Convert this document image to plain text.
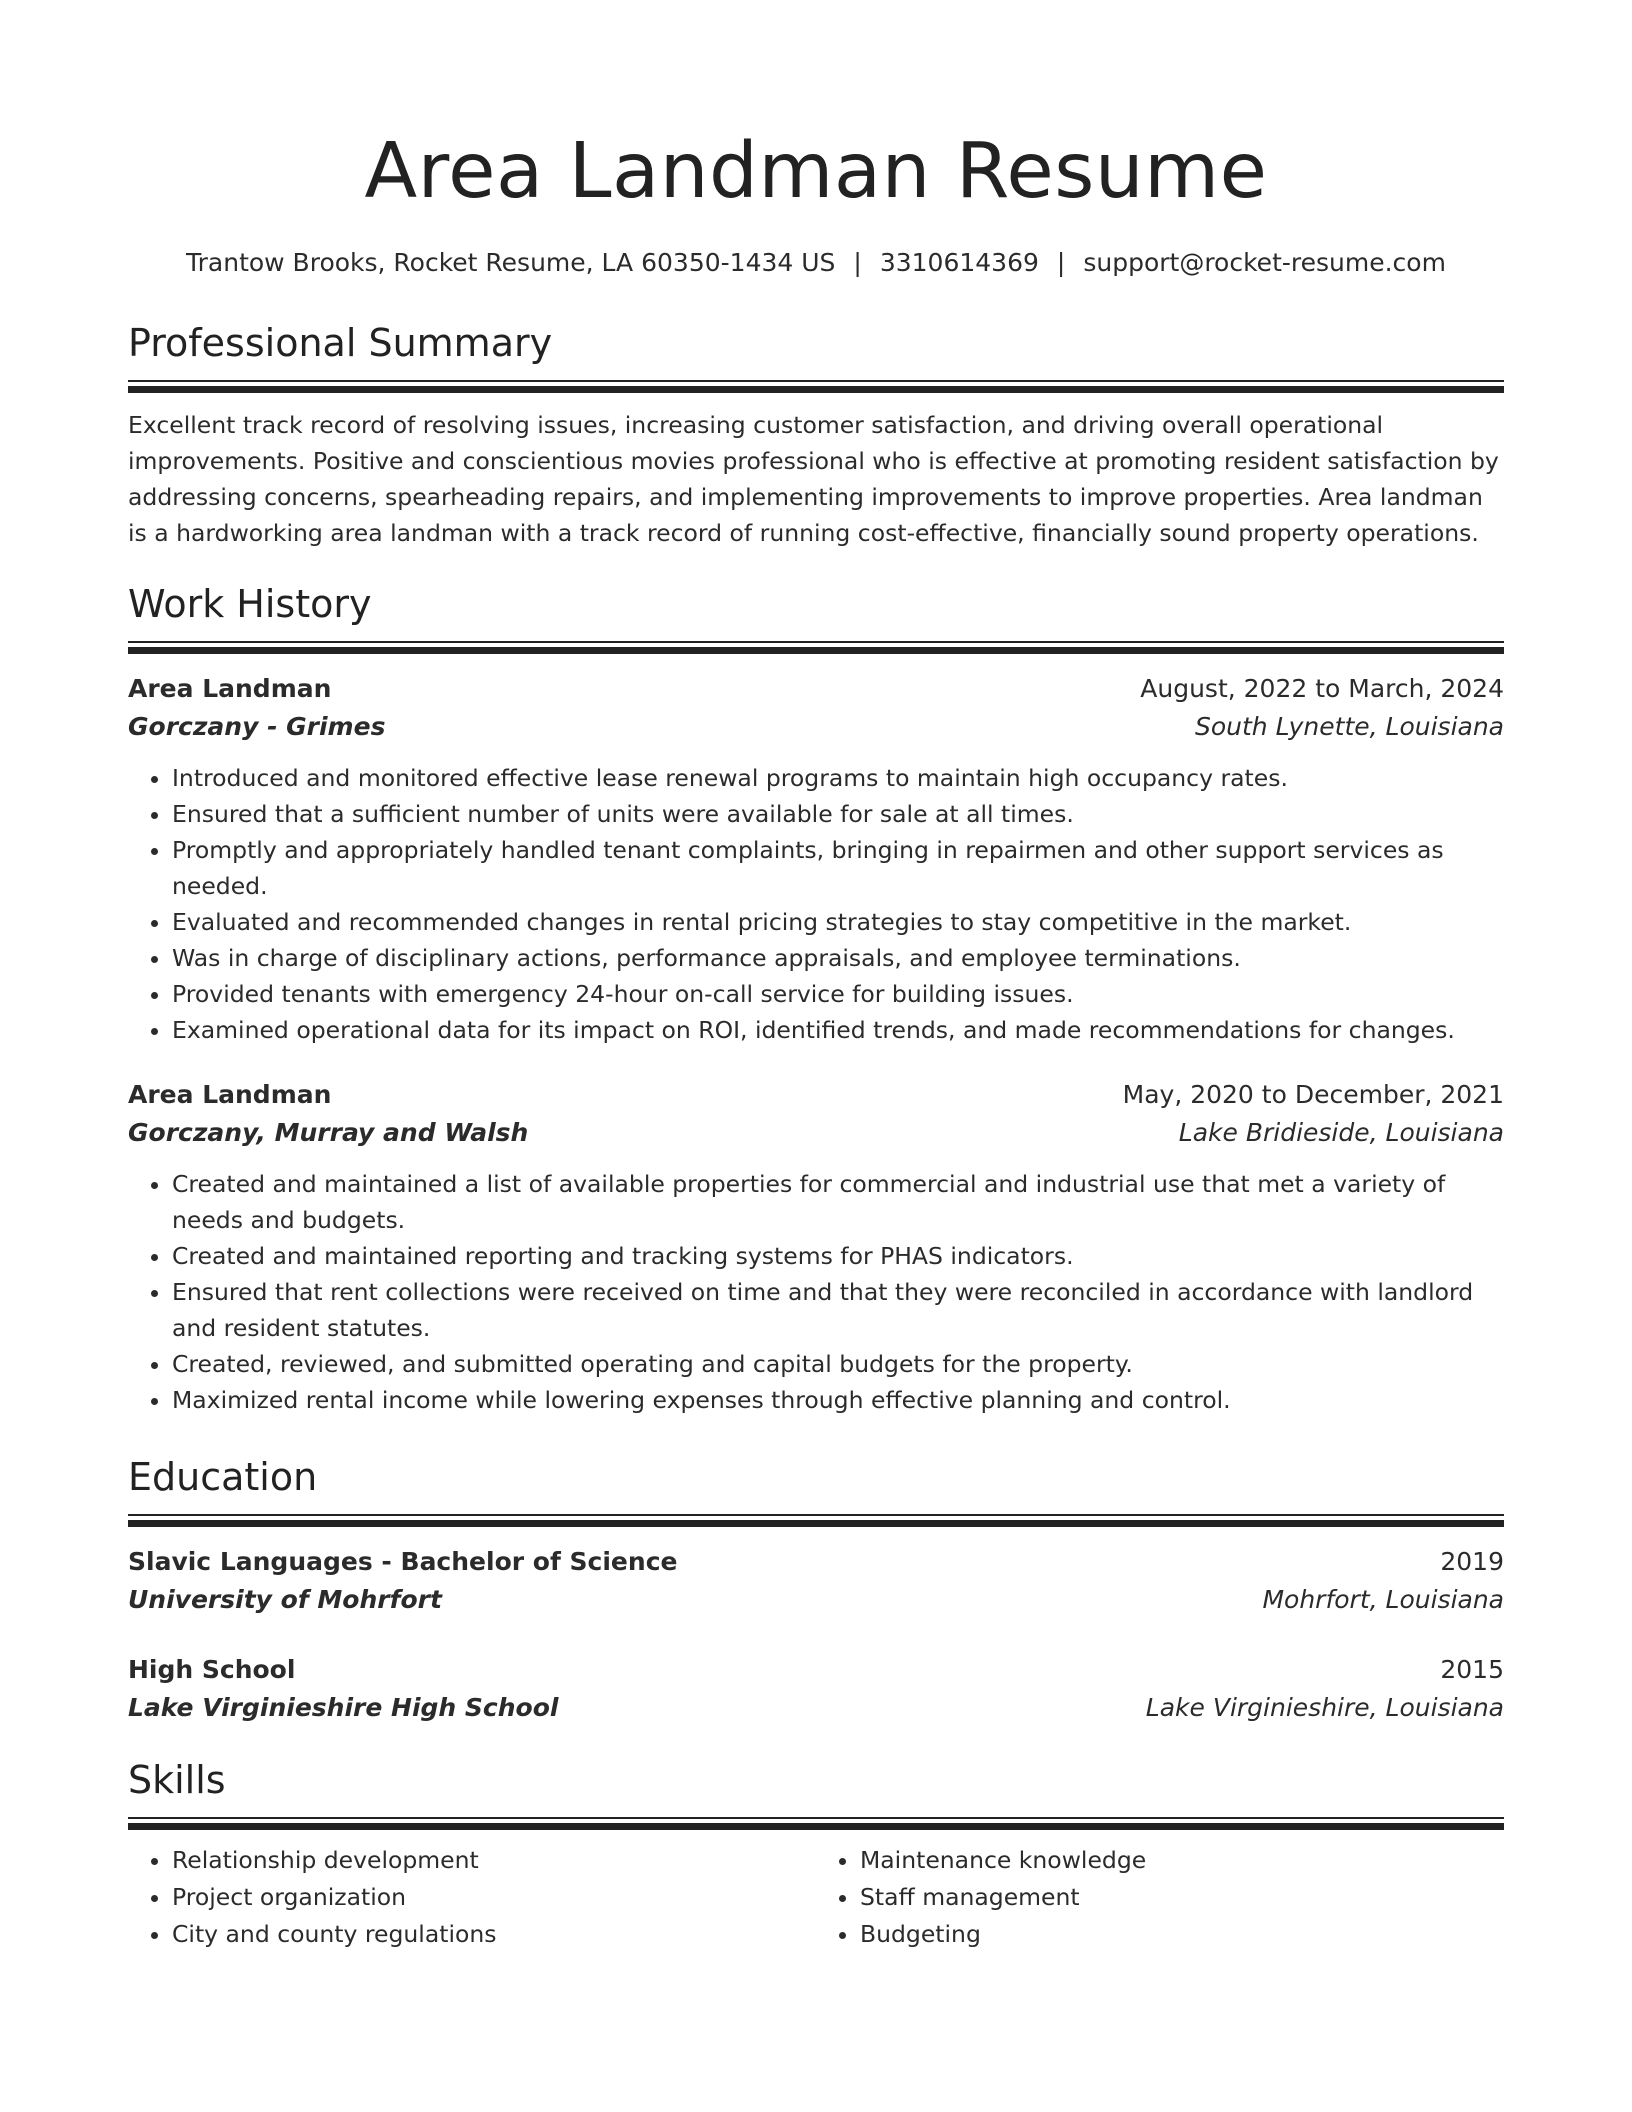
Area Landman Resume
Trantow Brooks, Rocket Resume, LA 60350-1434 US | 3310614369 | support@rocket-resume.com
Professional Summary
Excellent track record of resolving issues, increasing customer satisfaction, and driving overall operational improvements. Positive and conscientious movies professional who is effective at promoting resident satisfaction by addressing concerns, spearheading repairs, and implementing improvements to improve properties. Area landman is a hardworking area landman with a track record of running cost-effective, financially sound property operations.
Work History
Area Landman	August, 2022 to March, 2024
Gorczany - Grimes	South Lynette, Louisiana
• Introduced and monitored effective lease renewal programs to maintain high occupancy rates.
• Ensured that a sufficient number of units were available for sale at all times.
• Promptly and appropriately handled tenant complaints, bringing in repairmen and other support services as needed.
• Evaluated and recommended changes in rental pricing strategies to stay competitive in the market.
• Was in charge of disciplinary actions, performance appraisals, and employee terminations.
• Provided tenants with emergency 24-hour on-call service for building issues.
• Examined operational data for its impact on ROI, identified trends, and made recommendations for changes.
Area Landman	May, 2020 to December, 2021
Gorczany, Murray and Walsh	Lake Bridieside, Louisiana
• Created and maintained a list of available properties for commercial and industrial use that met a variety of needs and budgets.
• Created and maintained reporting and tracking systems for PHAS indicators.
• Ensured that rent collections were received on time and that they were reconciled in accordance with landlord and resident statutes.
• Created, reviewed, and submitted operating and capital budgets for the property.
• Maximized rental income while lowering expenses through effective planning and control.
Education
Slavic Languages - Bachelor of Science	2019
University of Mohrfort	Mohrfort, Louisiana
High School	2015
Lake Virginieshire High School	Lake Virginieshire, Louisiana
Skills
• Relationship development
• Project organization
• City and county regulations
• Maintenance knowledge
• Staff management
• Budgeting
